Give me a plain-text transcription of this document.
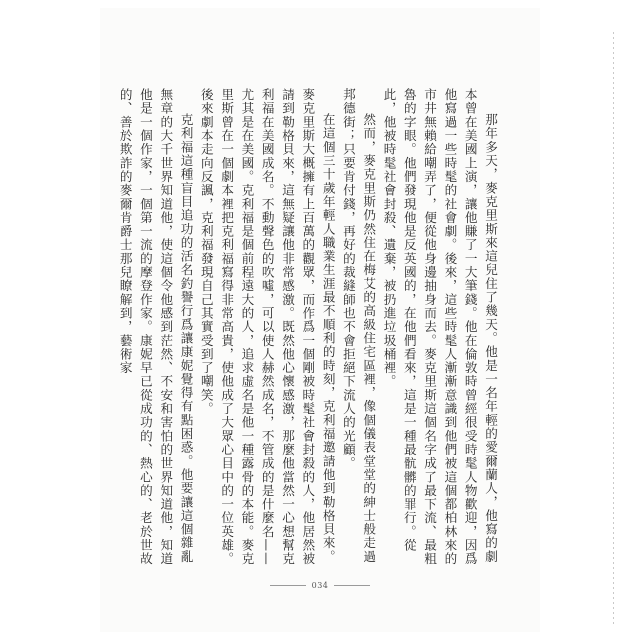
那年多天，麥克里斯來這兒住了幾天。他是一名年輕的愛爾蘭人，他寫的劇本曾在美國上演，讓他賺了一大筆錢。他在倫敦時曾經很受時髦人物歡迎，因爲他寫過一些時髦的社會劇。後來，這些時髦人漸漸意識到他們被這個都柏林來的市井無賴給嘲弄了，便從他身邊抽身而去。麥克里斯這個名字成了最下流、最粗魯的字眼。他們發現他是反英國的，在他們看來，這是一種最骯髒的罪行。從此，他被時髦社會封殺、遺棄，被扔進垃圾桶裡。

然而，麥克里斯仍然住在梅艾的高級住宅區裡，像個儀表堂堂的紳士般走過邦德街；只要肯付錢，再好的裁縫師也不會拒絕下流人的光顧。

在這個三十歲年輕人職業生涯最不順利的時刻，克利福邀請他到勒格貝來。麥克里斯大概擁有上百萬的觀眾，而作爲一個剛被時髦社會封殺的人，他居然被請到勒格貝來，這無疑讓他非常感激。既然他心懷感激，那麼他當然一心想幫克利福在美國成名。不動聲色的吹噓，可以使人赫然成名，不管成的是什麼名——尤其是在美國。克利福是個前程遠大的人，追求虛名是他一種露骨的本能。麥克里斯曾在一個劇本裡把克利福寫得非常高貴，使他成了大眾心目中的一位英雄。後來劇本走向反諷，克利福發現自己其實受到了嘲笑。

克利福這種盲目追功的活名釣譽行爲讓康妮覺得有點困惑。他要讓這個雜亂無章的大千世界知道他，使這個令他感到茫然、不安和害怕的世界知道他，知道他是一個作家，一個第一流的摩登作家。康妮早已從成功的、熱心的、老於世故的、善於欺詐的麥爾肯爵士那兒瞭解到，藝術家

034
